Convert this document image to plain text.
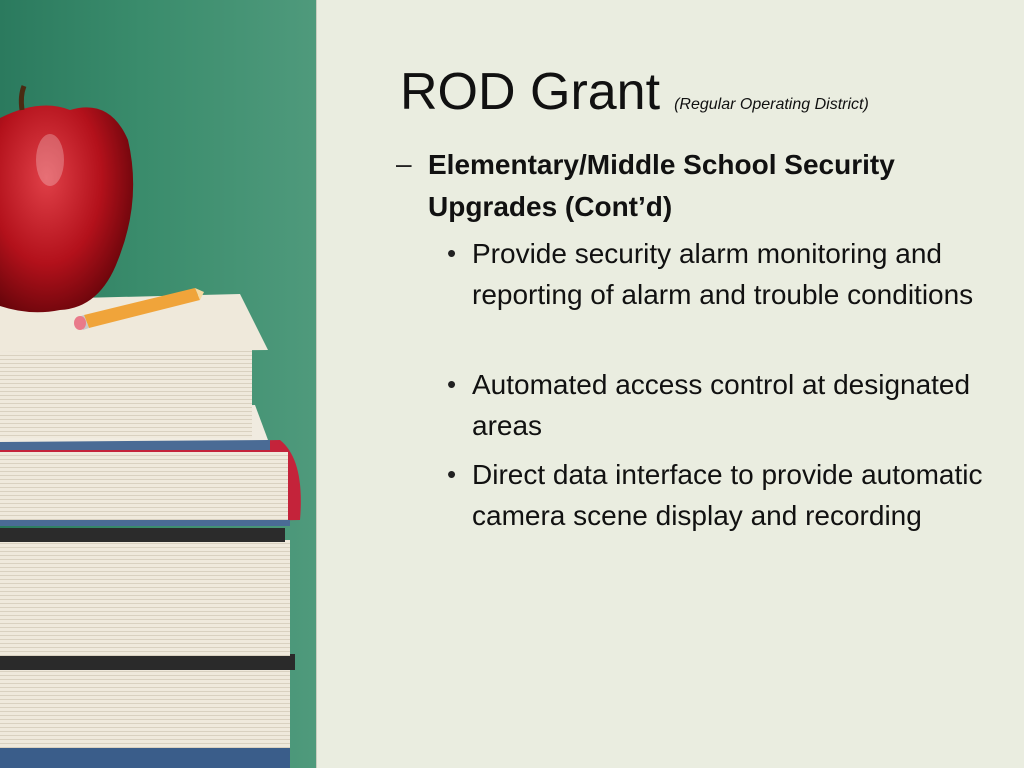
ROD Grant (Regular Operating District)
– Elementary/Middle School Security Upgrades (Cont’d)
• Provide security alarm monitoring and reporting of alarm and trouble conditions
• Automated access control at designated areas
• Direct data interface to provide automatic camera scene display and recording
